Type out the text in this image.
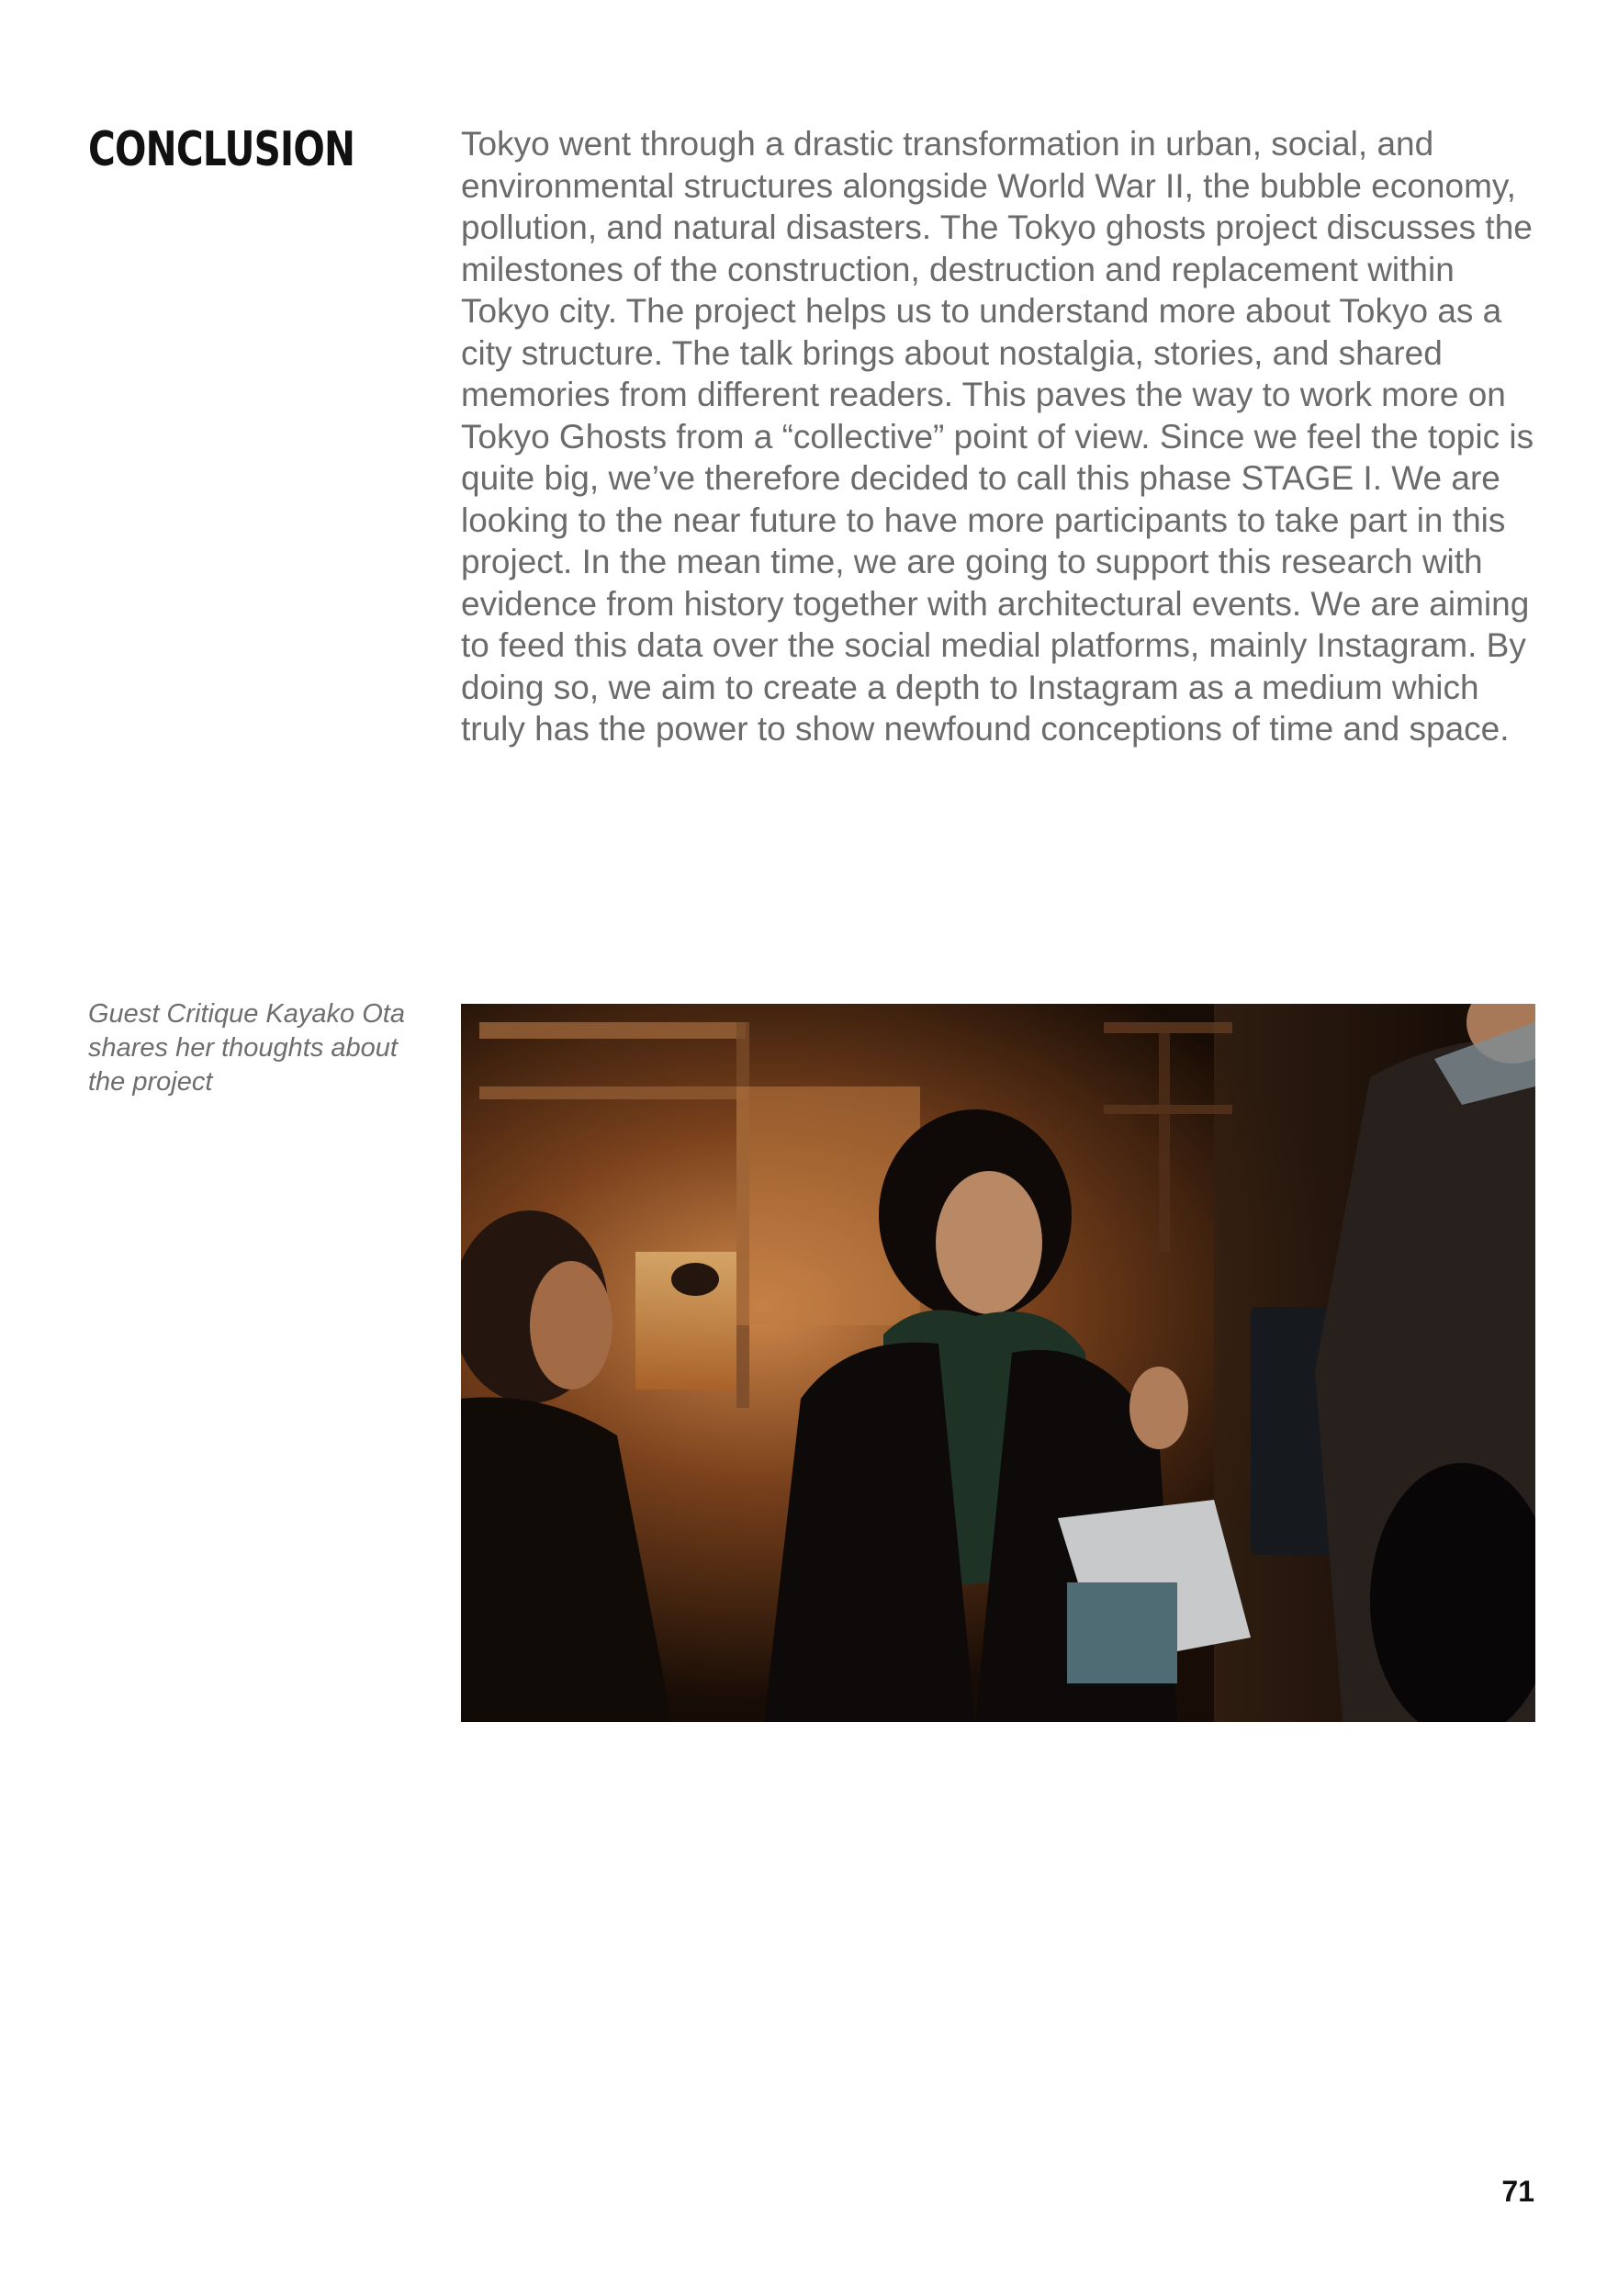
CONCLUSION	Tokyo went through a drastic transformation in urban, social, and environmental structures alongside World War II, the bubble economy, pollution, and natural disasters. The Tokyo ghosts project discusses the milestones of the construction, destruction and replacement within Tokyo city. The project helps us to understand more about Tokyo as a city structure. The talk brings about nostalgia, stories, and shared memories from different readers. This paves the way to work more on Tokyo Ghosts from a “collective” point of view. Since we feel the topic is quite big, we’ve therefore decided to call this phase STAGE I. We are looking to the near future to have more participants to take part in this project. In the mean time, we are going to support this research with evidence from history together with architectural events. We are aiming to feed this data over the social medial platforms, mainly Instagram. By doing so, we aim to create a depth to Instagram as a medium which truly has the power to show newfound conceptions of time and space.

Guest Critique Kayako Ota shares her thoughts about the project

71
